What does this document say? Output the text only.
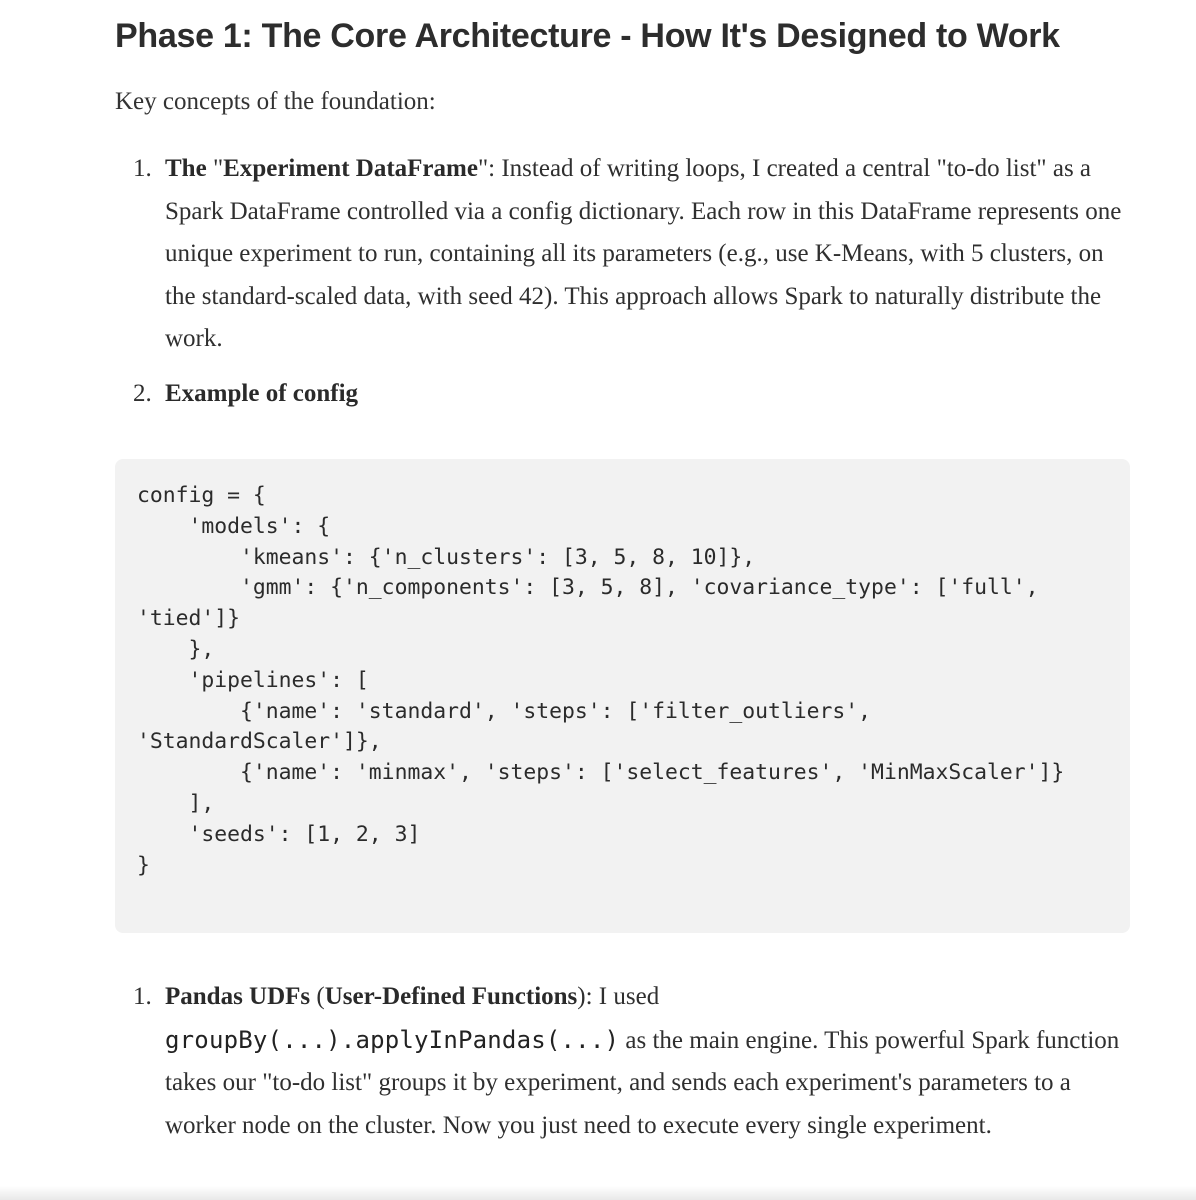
Phase 1: The Core Architecture - How It's Designed to Work

Key concepts of the foundation:

1. The "Experiment DataFrame": Instead of writing loops, I created a central "to-do list" as a Spark DataFrame controlled via a config dictionary. Each row in this DataFrame represents one unique experiment to run, containing all its parameters (e.g., use K-Means, with 5 clusters, on the standard-scaled data, with seed 42). This approach allows Spark to naturally distribute the work.
2. Example of config
config = {
'models': {
'kmeans': {'n_clusters': [3, 5, 8, 10]},
'gmm': {'n_components': [3, 5, 8], 'covariance_type': ['full',
'tied']}
},
'pipelines': [
{'name': 'standard', 'steps': ['filter_outliers',
'StandardScaler']},
{'name': 'minmax', 'steps': ['select_features', 'MinMaxScaler']}
],
'seeds': [1, 2, 3]
}
1. Pandas UDFs (User-Defined Functions): I used
groupBy(...).applyInPandas(...) as the main engine. This powerful Spark function takes our "to-do list" groups it by experiment, and sends each experiment's parameters to a worker node on the cluster. Now you just need to execute every single experiment.
